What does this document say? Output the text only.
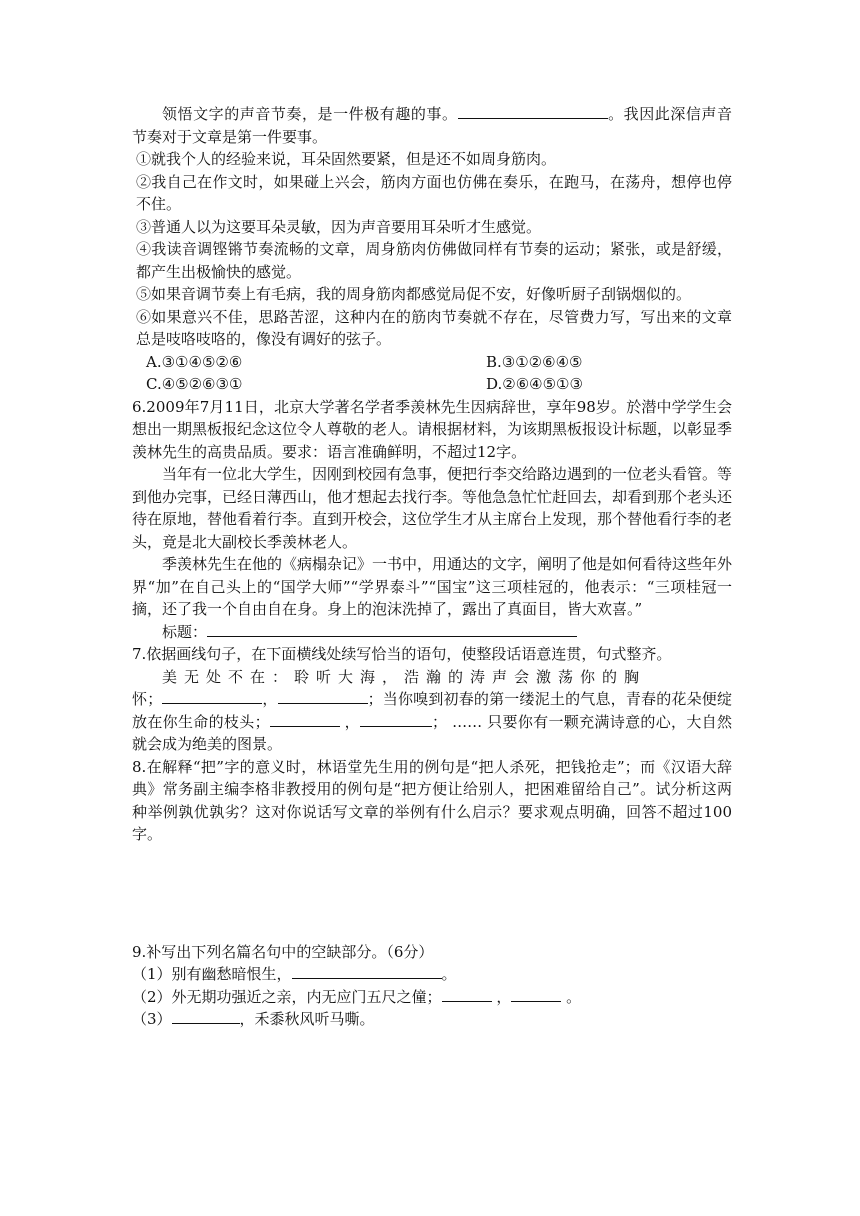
领悟文字的声音节奏，是一件极有趣的事。	。我因此深信声音节奏对于文章是第一件要事。

①就我个人的经验来说，耳朵固然要紧，但是还不如周身筋肉。

②我自己在作文时，如果碰上兴会，筋肉方面也仿佛在奏乐，在跑马，在荡舟，想停也停不住。

③普通人以为这要耳朵灵敏，因为声音要用耳朵听才生感觉。

④我读音调铿锵节奏流畅的文章，周身筋肉仿佛做同样有节奏的运动；紧张，或是舒缓，都产生出极愉快的感觉。

⑤如果音调节奏上有毛病，我的周身筋肉都感觉局促不安，好像听厨子刮锅烟似的。

⑥如果意兴不佳，思路苦涩，这种内在的筋肉节奏就不存在，尽管费力写，写出来的文章总是吱咯吱咯的，像没有调好的弦子。

A.③①④⑤②⑥	B.③①②⑥④⑤
C.④⑤②⑥③①	D.②⑥④⑤①③

6.2009年7月11日，北京大学著名学者季羡林先生因病辞世，享年98岁。於潜中学学生会想出一期黑板报纪念这位令人尊敬的老人。请根据材料，为该期黑板报设计标题，以彰显季羡林先生的高贵品质。要求：语言准确鲜明，不超过12字。

当年有一位北大学生，因刚到校园有急事，便把行李交给路边遇到的一位老头看管。等到他办完事，已经日薄西山，他才想起去找行李。等他急急忙忙赶回去，却看到那个老头还待在原地，替他看着行李。直到开校会，这位学生才从主席台上发现，那个替他看行李的老头，竟是北大副校长季羡林老人。

季羡林先生在他的《病榻杂记》一书中，用通达的文字，阐明了他是如何看待这些年外界“加”在自己头上的“国学大师”“学界泰斗”“国宝”这三项桂冠的，他表示：“三项桂冠一摘，还了我一个自由自在身。身上的泡沫洗掉了，露出了真面目，皆大欢喜。”

标题：

7.依据画线句子，在下面横线处续写恰当的语句，使整段话语意连贯，句式整齐。

美无处不在：聆听大海，浩瀚的涛声会激荡你的胸

怀；	，	；当你嗅到初春的第一缕泥土的气息，青春的花朵便绽放在你生命的枝头；	，	； …… 只要你有一颗充满诗意的心，大自然就会成为绝美的图景。

8.在解释“把”字的意义时，林语堂先生用的例句是“把人杀死，把钱抢走”；而《汉语大辞典》常务副主编李格非教授用的例句是“把方便让给别人，把困难留给自己”。试分析这两种举例孰优孰劣？这对你说话写文章的举例有什么启示？要求观点明确，回答不超过100字。

9.补写出下列名篇名句中的空缺部分。（6分）

（1）别有幽愁暗恨生，	。

（2）外无期功强近之亲，内无应门五尺之僮；	，	。

（3）	，禾黍秋风听马嘶。
